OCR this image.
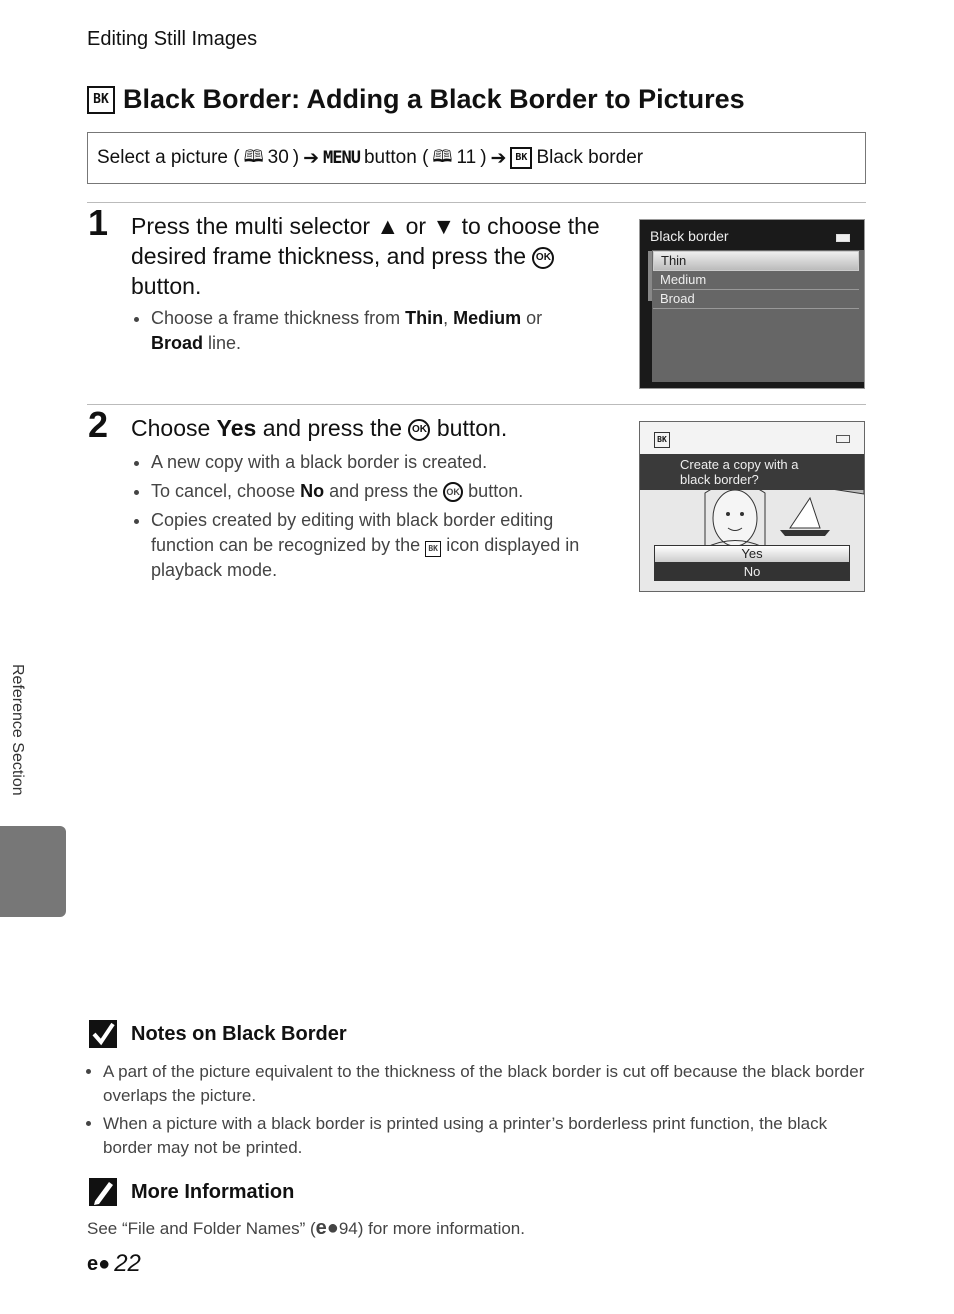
Editing Still Images
BK Black Border: Adding a Black Border to Pictures
Select a picture ( 🕮 30 ) ➔ MENU button ( 🕮 11 ) ➔ BK Black border
1 Press the multi selector ▲ or ▼ to choose the desired frame thickness, and press the OK button.
• Choose a frame thickness from Thin, Medium or Broad line.
Black border
Thin
Medium
Broad
2 Choose Yes and press the OK button.
• A new copy with a black border is created.
• To cancel, choose No and press the OK button.
• Copies created by editing with black border editing function can be recognized by the BK icon displayed in playback mode.
BK
Create a copy with a black border?
Yes
No
Reference Section
Notes on Black Border
• A part of the picture equivalent to the thickness of the black border is cut off because the black border overlaps the picture.
• When a picture with a black border is printed using a printer’s borderless print function, the black border may not be printed.
More Information
See “File and Folder Names” (e●94) for more information.
e● 22
